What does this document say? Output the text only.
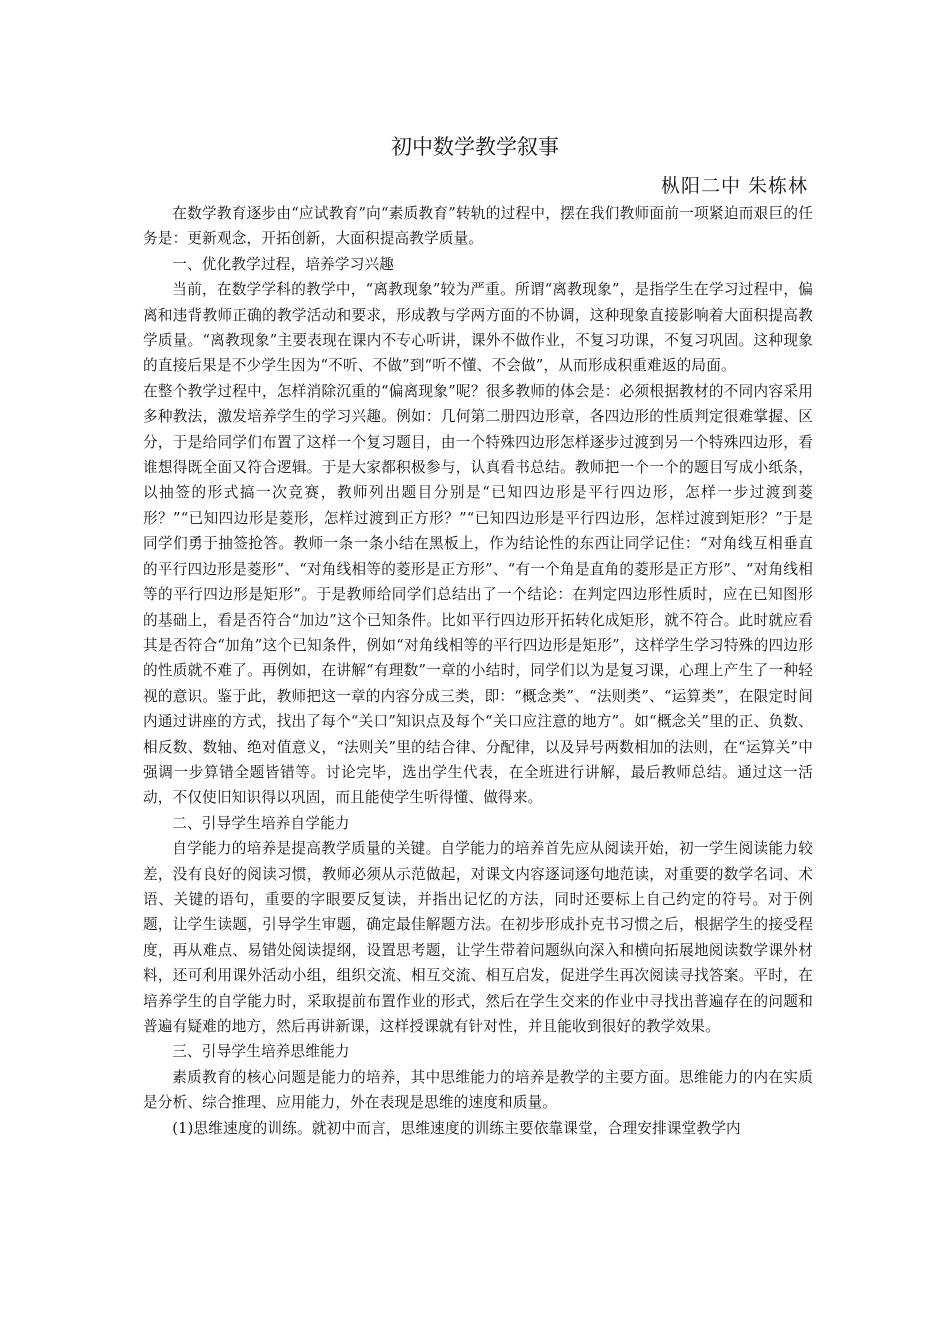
初中数学教学叙事
枞阳二中 朱栋林

在数学教育逐步由“应试教育”向“素质教育”转轨的过程中，摆在我们教师面前一项紧迫而艰巨的任务是：更新观念，开拓创新，大面积提高教学质量。

一、优化教学过程，培养学习兴趣

当前，在数学学科的教学中，“离教现象”较为严重。所谓“离教现象”，是指学生在学习过程中，偏离和违背教师正确的教学活动和要求，形成教与学两方面的不协调，这种现象直接影响着大面积提高教学质量。“离教现象”主要表现在课内不专心听讲，课外不做作业，不复习功课，不复习巩固。这种现象的直接后果是不少学生因为“不听、不做”到“听不懂、不会做”，从而形成积重难返的局面。

在整个教学过程中，怎样消除沉重的“偏离现象”呢？很多教师的体会是：必须根据教材的不同内容采用多种教法，激发培养学生的学习兴趣。例如：几何第二册四边形章，各四边形的性质判定很难掌握、区分，于是给同学们布置了这样一个复习题目，由一个特殊四边形怎样逐步过渡到另一个特殊四边形，看谁想得既全面又符合逻辑。于是大家都积极参与，认真看书总结。教师把一个一个的题目写成小纸条，以抽签的形式搞一次竞赛，教师列出题目分别是“已知四边形是平行四边形，怎样一步过渡到菱形？”“已知四边形是菱形，怎样过渡到正方形？”“已知四边形是平行四边形，怎样过渡到矩形？”于是同学们勇于抽签抢答。教师一条一条小结在黑板上，作为结论性的东西让同学记住：“对角线互相垂直的平行四边形是菱形”、“对角线相等的菱形是正方形”、“有一个角是直角的菱形是正方形”、“对角线相等的平行四边形是矩形”。于是教师给同学们总结出了一个结论：在判定四边形性质时，应在已知图形的基础上，看是否符合“加边”这个已知条件。比如平行四边形开拓转化成矩形，就不符合。此时就应看其是否符合“加角”这个已知条件，例如“对角线相等的平行四边形是矩形”，这样学生学习特殊的四边形的性质就不难了。再例如，在讲解“有理数”一章的小结时，同学们以为是复习课，心理上产生了一种轻视的意识。鉴于此，教师把这一章的内容分成三类，即：“概念类”、“法则类”、“运算类”，在限定时间内通过讲座的方式，找出了每个“关口”知识点及每个“关口应注意的地方”。如“概念关”里的正、负数、相反数、数轴、绝对值意义，“法则关”里的结合律、分配律，以及异号两数相加的法则，在“运算关”中强调一步算错全题皆错等。讨论完毕，选出学生代表，在全班进行讲解，最后教师总结。通过这一活动，不仅使旧知识得以巩固，而且能使学生听得懂、做得来。

二、引导学生培养自学能力

自学能力的培养是提高教学质量的关键。自学能力的培养首先应从阅读开始，初一学生阅读能力较差，没有良好的阅读习惯，教师必须从示范做起，对课文内容逐词逐句地范读，对重要的数学名词、术语、关键的语句，重要的字眼要反复读，并指出记忆的方法，同时还要标上自己约定的符号。对于例题，让学生读题，引导学生审题，确定最佳解题方法。在初步形成扑克书习惯之后，根据学生的接受程度，再从难点、易错处阅读提纲，设置思考题，让学生带着问题纵向深入和横向拓展地阅读数学课外材料，还可利用课外活动小组，组织交流、相互交流、相互启发，促进学生再次阅读寻找答案。平时，在培养学生的自学能力时，采取提前布置作业的形式，然后在学生交来的作业中寻找出普遍存在的问题和普遍有疑难的地方，然后再讲新课，这样授课就有针对性，并且能收到很好的教学效果。

三、引导学生培养思维能力

素质教育的核心问题是能力的培养，其中思维能力的培养是教学的主要方面。思维能力的内在实质是分析、综合推理、应用能力，外在表现是思维的速度和质量。

(1)思维速度的训练。就初中而言，思维速度的训练主要依靠课堂，合理安排课堂教学内
